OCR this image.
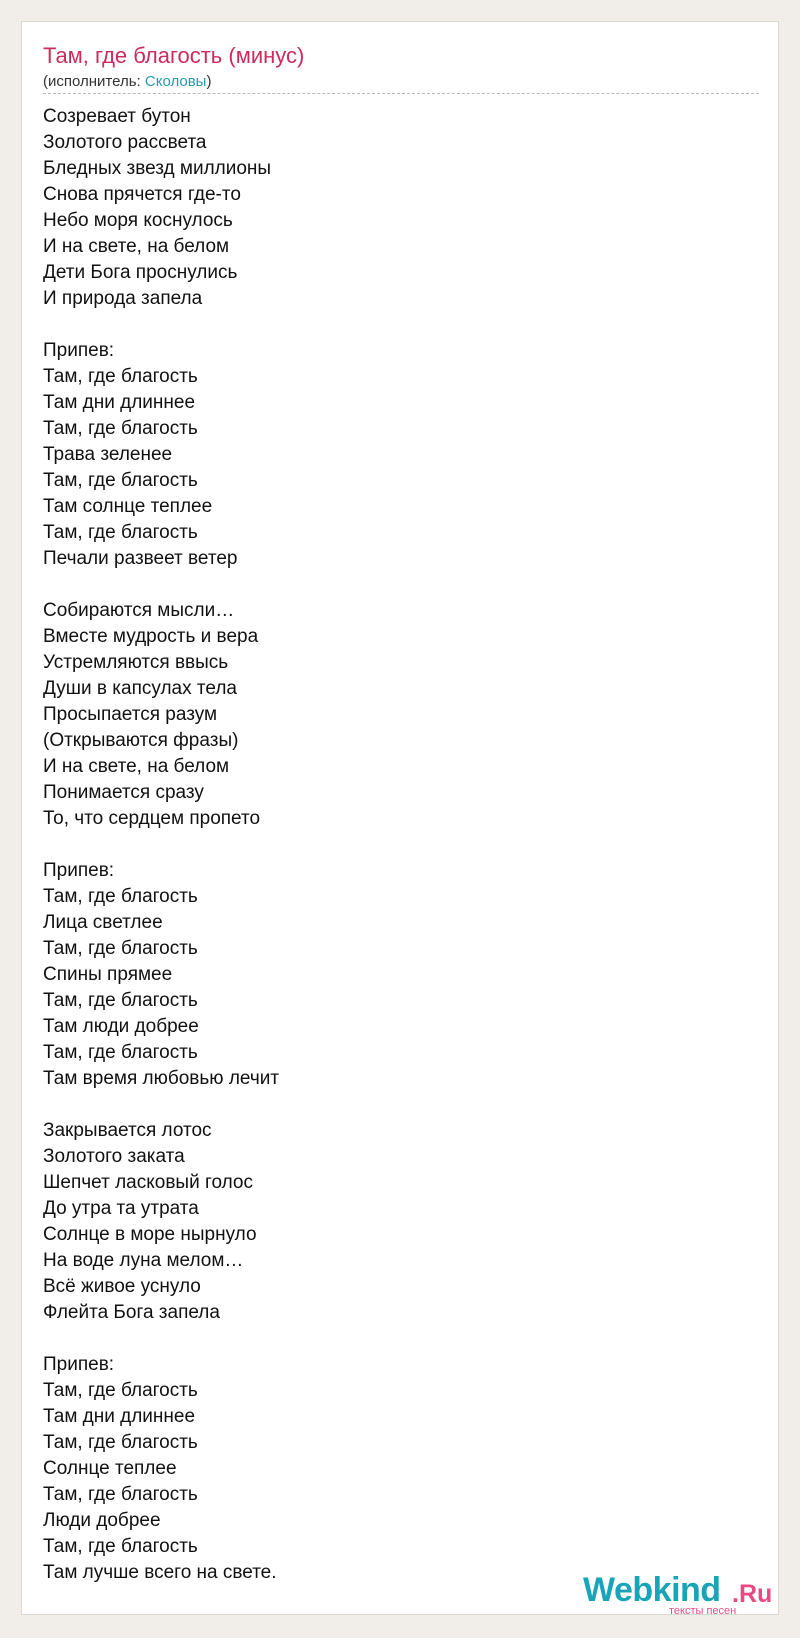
Там, где благость (минус)
(исполнитель: Сколовы)
Созревает бутон
Золотого рассвета
Бледных звезд миллионы
Снова прячется где-то
Небо моря коснулось
И на свете, на белом
Дети Бога проснулись
И природа запела
Припев:
Там, где благость
Там дни длиннее
Там, где благость
Трава зеленее
Там, где благость
Там солнце теплее
Там, где благость
Печали развеет ветер
Собираются мысли…
Вместе мудрость и вера
Устремляются ввысь
Души в капсулах тела
Просыпается разум
(Открываются фразы)
И на свете, на белом
Понимается сразу
То, что сердцем пропето
Припев:
Там, где благость
Лица светлее
Там, где благость
Спины прямее
Там, где благость
Там люди добрее
Там, где благость
Там время любовью лечит
Закрывается лотос
Золотого заката
Шепчет ласковый голос
До утра та утрата
Солнце в море нырнуло
На воде луна мелом…
Всё живое уснуло
Флейта Бога запела
Припев:
Там, где благость
Там дни длиннее
Там, где благость
Солнце теплее
Там, где благость
Люди добрее
Там, где благость
Там лучше всего на свете.	Webkind .Ru
тексты песен
